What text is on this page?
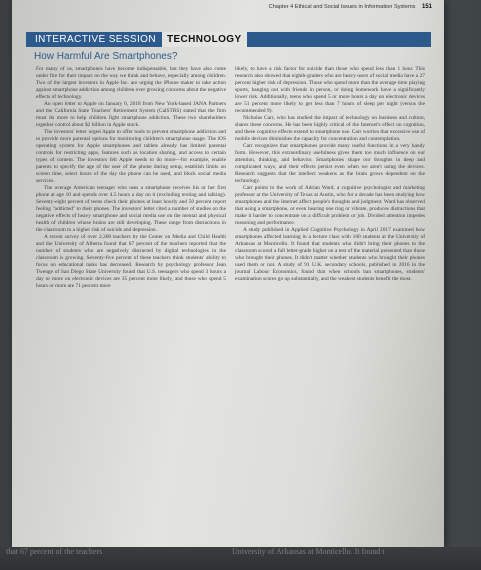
Chapter 4 Ethical and Social Issues in Information Systems 151
INTERACTIVE SESSION	TECHNOLOGY
How Harmful Are Smartphones?

For many of us, smartphones have become indispensable, but they have also come under fire for their impact on the way we think and behave, especially among children. Two of the largest investors in Apple Inc. are urging the iPhone maker to take action against smartphone addiction among children over growing concerns about the negative effects of technology.

An open letter to Apple on January 6, 2018 from New York-based JANA Partners and the California State Teachers' Retirement System (CalSTRS) stated that the firm must do more to help children fight smartphone addiction. These two shareholders together control about $2 billion in Apple stock.

The investors' letter urged Apple to offer tools to prevent smartphone addiction and to provide more parental options for monitoring children's smartphone usage. The iOS operating system for Apple smartphones and tablets already has limited parental controls for restricting apps, features such as location sharing, and access to certain types of content. The investors felt Apple needs to do more—for example, enable parents to specify the age of the user of the phone during setup, establish limits on screen time, select hours of the day the phone can be used, and block social media services.

The average American teenager who uses a smartphone receives his or her first phone at age 10 and spends over 4.5 hours a day on it (excluding texting and talking). Seventy-eight percent of teens check their phones at least hourly and 50 percent report feeling "addicted" to their phones. The investors' letter cited a number of studies on the negative effects of heavy smartphone and social media use on the mental and physical health of children whose brains are still developing. These range from distractions in the classroom to a higher risk of suicide and depression.

A recent survey of over 2,300 teachers by the Center on Media and Child Health and the University of Alberta found that 67 percent of the teachers reported that the number of students who are negatively distracted by digital technologies in the classroom is growing. Seventy-five percent of these teachers think students' ability to focus on educational tasks has decreased. Research by psychology professor Jean Twenge of San Diego State University found that U.S. teenagers who spend 3 hours a day or more on electronic devices are 35 percent more likely, and those who spend 5 hours or more are 71 percent more

likely, to have a risk factor for suicide than those who spend less than 1 hour. This research also showed that eighth-graders who are heavy users of social media have a 27 percent higher risk of depression. Those who spend more than the average time playing sports, hanging out with friends in person, or doing homework have a significantly lower risk. Additionally, teens who spend 5 or more hours a day on electronic devices are 51 percent more likely to get less than 7 hours of sleep per night (versus the recommended 9).

Nicholas Carr, who has studied the impact of technology on business and culture, shares these concerns. He has been highly critical of the Internet's effect on cognition, and these cognitive effects extend to smartphone use. Carr worries that excessive use of mobile devices diminishes the capacity for concentration and contemplation.

Carr recognizes that smartphones provide many useful functions in a very handy form. However, this extraordinary usefulness gives them too much influence on our attention, thinking, and behavior. Smartphones shape our thoughts in deep and complicated ways, and their effects persist even when we aren't using the devices. Research suggests that the intellect weakens as the brain grows dependent on the technology.

Carr points to the work of Adrian Ward, a cognitive psychologist and marketing professor at the University of Texas at Austin, who for a decade has been studying how smartphones and the Internet affect people's thoughts and judgment. Ward has observed that using a smartphone, or even hearing one ring or vibrate, produces distractions that make it harder to concentrate on a difficult problem or job. Divided attention impedes reasoning and performance.

A study published in Applied Cognitive Psychology in April 2017 examined how smartphones affected learning in a lecture class with 160 students at the University of Arkansas at Monticello. It found that students who didn't bring their phones to the classroom scored a full letter-grade higher on a test of the material presented than those who brought their phones. It didn't matter whether students who brought their phones used them or not. A study of 91 U.K. secondary schools, published in 2016 in the journal Labour Economics, found that when schools ban smartphones, students' examination scores go up substantially, and the weakest students benefit the most.

that 67 percent of the teachers	University of Arkansas at Monticello. It found t
